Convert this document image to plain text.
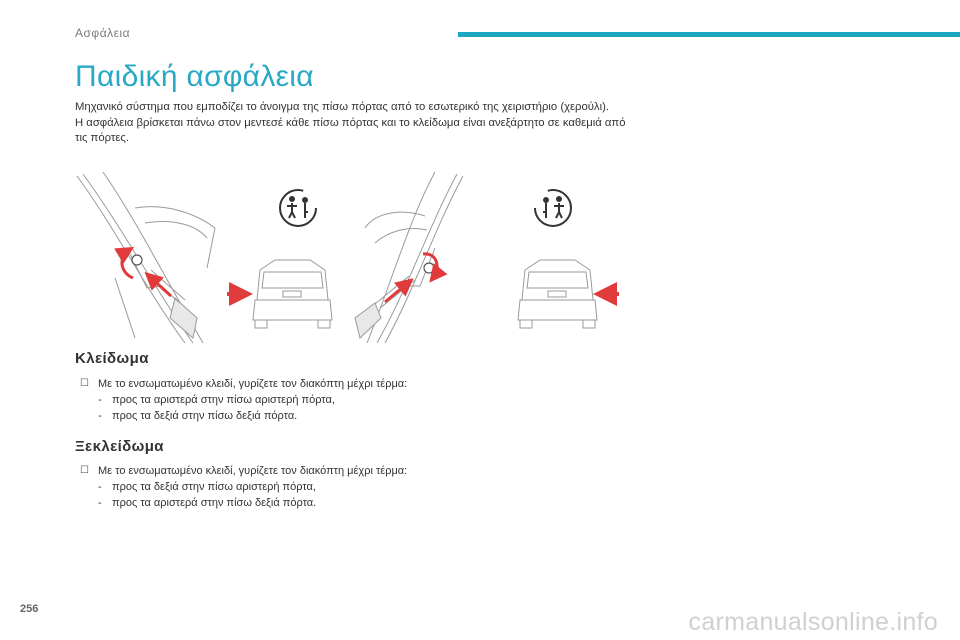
Ασφάλεια
Παιδική ασφάλεια

Μηχανικό σύστημα που εμποδίζει το άνοιγμα της πίσω πόρτας από το εσωτερικό της χειριστήριο (χερούλι).

Η ασφάλεια βρίσκεται πάνω στον μεντεσέ κάθε πίσω πόρτας και το κλείδωμα είναι ανεξάρτητο σε καθεμιά από τις πόρτες.

Κλείδωμα
☐ Με το ενσωματωμένο κλειδί, γυρίζετε τον διακόπτη μέχρι τέρμα:
- προς τα αριστερά στην πίσω αριστερή πόρτα,
- προς τα δεξιά στην πίσω δεξιά πόρτα.
Ξεκλείδωμα
☐ Με το ενσωματωμένο κλειδί, γυρίζετε τον διακόπτη μέχρι τέρμα:
- προς τα δεξιά στην πίσω αριστερή πόρτα,
- προς τα αριστερά στην πίσω δεξιά πόρτα.
256	carmanualsonline.info
